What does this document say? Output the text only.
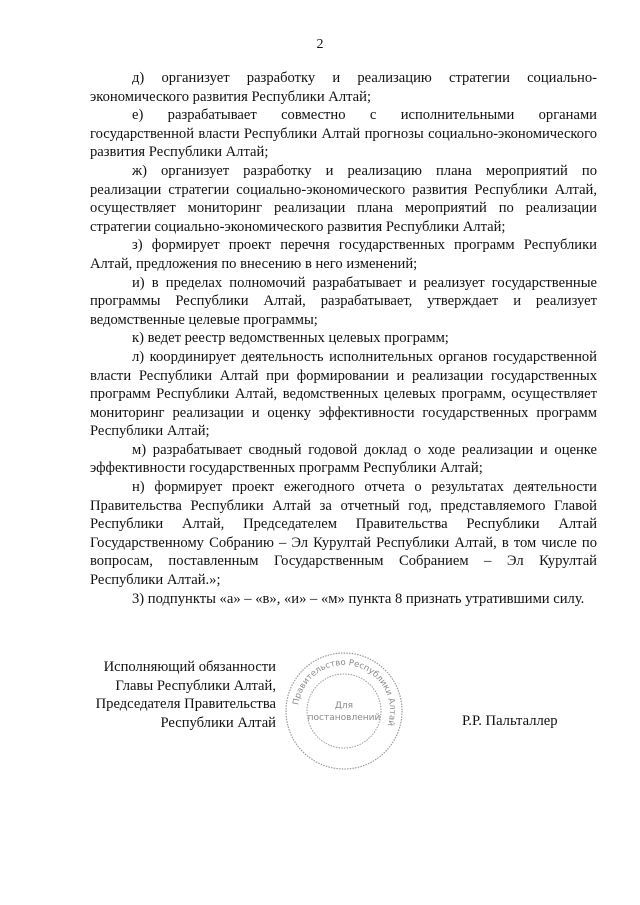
2

д) организует разработку и реализацию стратегии социально-экономического развития Республики Алтай;

е) разрабатывает совместно с исполнительными органами государственной власти Республики Алтай прогнозы социально-экономического развития Республики Алтай;

ж) организует разработку и реализацию плана мероприятий по реализации стратегии социально-экономического развития Республики Алтай, осуществляет мониторинг реализации плана мероприятий по реализации стратегии социально-экономического развития Республики Алтай;

з) формирует проект перечня государственных программ Республики Алтай, предложения по внесению в него изменений;

и) в пределах полномочий разрабатывает и реализует государственные программы Республики Алтай, разрабатывает, утверждает и реализует ведомственные целевые программы;

к) ведет реестр ведомственных целевых программ;

л) координирует деятельность исполнительных органов государственной власти Республики Алтай при формировании и реализации государственных программ Республики Алтай, ведомственных целевых программ, осуществляет мониторинг реализации и оценку эффективности государственных программ Республики Алтай;

м) разрабатывает сводный годовой доклад о ходе реализации и оценке эффективности государственных программ Республики Алтай;

н) формирует проект ежегодного отчета о результатах деятельности Правительства Республики Алтай за отчетный год, представляемого Главой Республики Алтай, Председателем Правительства Республики Алтай Государственному Собранию – Эл Курултай Республики Алтай, в том числе по вопросам, поставленным Государственным Собранием – Эл Курултай Республики Алтай.»;

3) подпункты «а» – «в», «и» – «м» пункта 8 признать утратившими силу.

Исполняющий обязанности
Главы Республики Алтай,
Председателя Правительства
Республики Алтай
Правительство Республики Алтай
Для
постановлений	Р.Р. Пальталлер
